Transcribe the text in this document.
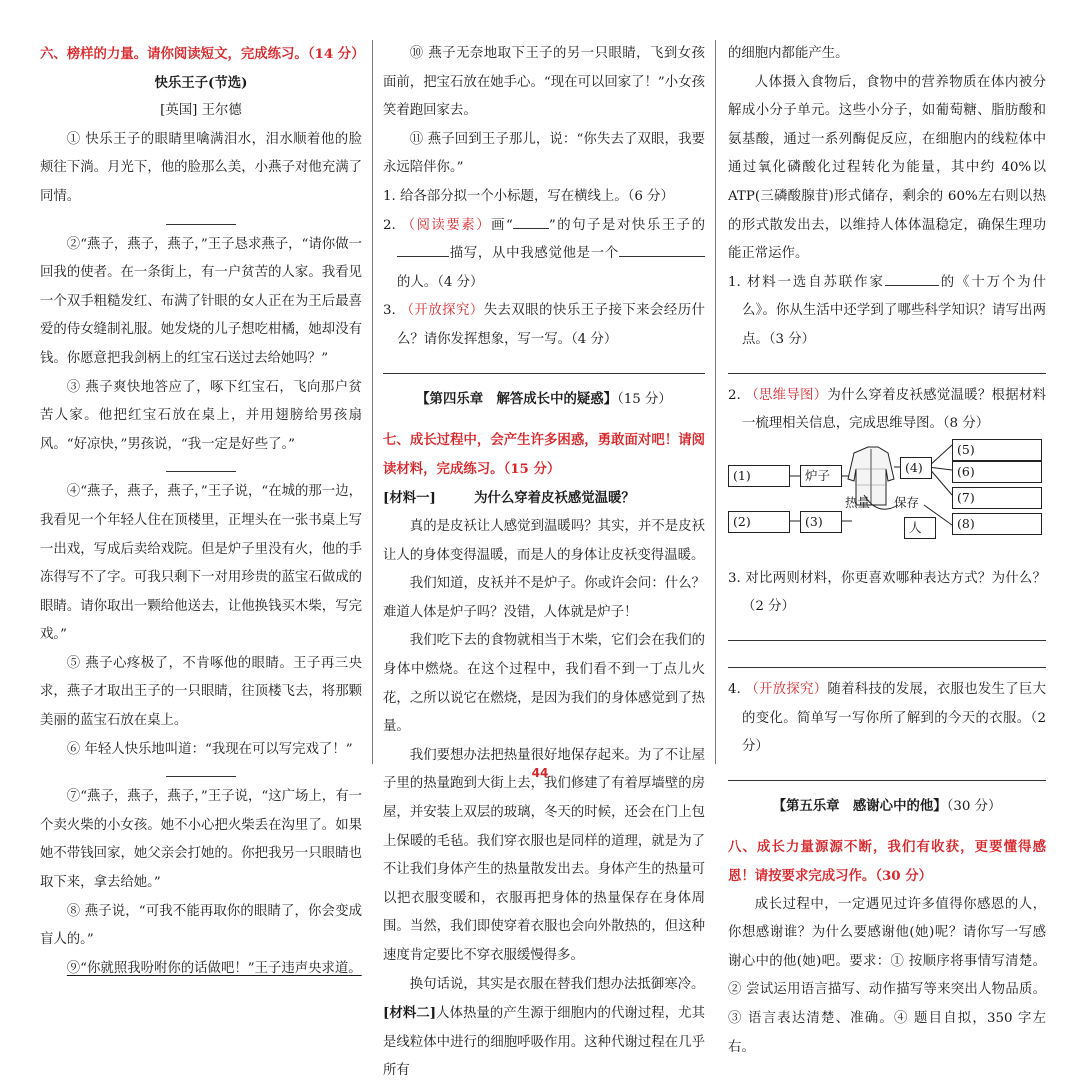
六、榜样的力量。请你阅读短文，完成练习。（14 分）

快乐王子(节选)

[英国] 王尔德

① 快乐王子的眼睛里噙满泪水，泪水顺着他的脸颊往下淌。月光下，他的脸那么美，小燕子对他充满了同情。

②“燕子，燕子，燕子，”王子恳求燕子，“请你做一回我的使者。在一条街上，有一户贫苦的人家。我看见一个双手粗糙发红、布满了针眼的女人正在为王后最喜爱的侍女缝制礼服。她发烧的儿子想吃柑橘，她却没有钱。你愿意把我剑柄上的红宝石送过去给她吗？”

③ 燕子爽快地答应了，啄下红宝石，飞向那户贫苦人家。他把红宝石放在桌上，并用翅膀给男孩扇风。“好凉快，”男孩说，“我一定是好些了。”

④“燕子，燕子，燕子，”王子说，“在城的那一边，我看见一个年轻人住在顶楼里，正埋头在一张书桌上写一出戏，写成后卖给戏院。但是炉子里没有火，他的手冻得写不了字。可我只剩下一对用珍贵的蓝宝石做成的眼睛。请你取出一颗给他送去，让他换钱买木柴，写完戏。”

⑤ 燕子心疼极了，不肯啄他的眼睛。王子再三央求，燕子才取出王子的一只眼睛，往顶楼飞去，将那颗美丽的蓝宝石放在桌上。

⑥ 年轻人快乐地叫道：“我现在可以写完戏了！”

⑦“燕子，燕子，燕子，”王子说，“这广场上，有一个卖火柴的小女孩。她不小心把火柴丢在沟里了。如果她不带钱回家，她父亲会打她的。你把我另一只眼睛也取下来，拿去给她。”

⑧ 燕子说，“可我不能再取你的眼睛了，你会变成盲人的。”

⑨“你就照我吩咐你的话做吧！”王子违声央求道。

⑩ 燕子无奈地取下王子的另一只眼睛，飞到女孩面前，把宝石放在她手心。“现在可以回家了！”小女孩笑着跑回家去。

⑪ 燕子回到王子那儿，说：“你失去了双眼，我要永远陪伴你。”

1. 给各部分拟一个小标题，写在横线上。（6 分）

2. （阅读要素）画“	”的句子是对快乐王子的描写，从中我感觉他是一个的人。（4 分）

3. （开放探究）失去双眼的快乐王子接下来会经历什么？请你发挥想象，写一写。（4 分）

【第四乐章　解答成长中的疑惑】（15 分）

七、成长过程中，会产生许多困惑，勇敢面对吧！请阅读材料，完成练习。（15 分）

[材料一]	为什么穿着皮袄感觉温暖？

真的是皮袄让人感觉到温暖吗？其实，并不是皮袄让人的身体变得温暖，而是人的身体让皮袄变得温暖。

我们知道，皮袄并不是炉子。你或许会问：什么？难道人体是炉子吗？没错，人体就是炉子！

我们吃下去的食物就相当于木柴，它们会在我们的身体中燃烧。在这个过程中，我们看不到一丁点儿火花，之所以说它在燃烧，是因为我们的身体感觉到了热量。

我们要想办法把热量很好地保存起来。为了不让屋子里的热量跑到大街上去，我们修建了有着厚墙壁的房屋，并安装上双层的玻璃，冬天的时候，还会在门上包上保暖的毛毡。我们穿衣服也是同样的道理，就是为了不让我们身体产生的热量散发出去。身体产生的热量可以把衣服变暖和，衣服再把身体的热量保存在身体周围。当然，我们即使穿着衣服也会向外散热的，但这种速度肯定要比不穿衣服缓慢得多。

换句话说，其实是衣服在替我们想办法抵御寒冷。

[材料二]人体热量的产生源于细胞内的代谢过程，尤其是线粒体中进行的细胞呼吸作用。这种代谢过程在几乎所有

的细胞内都能产生。

人体摄入食物后，食物中的营养物质在体内被分解成小分子单元。这些小分子，如葡萄糖、脂肪酸和氨基酸，通过一系列酶促反应，在细胞内的线粒体中通过氧化磷酸化过程转化为能量，其中约 40%以 ATP(三磷酸腺苷)形式储存，剩余的 60%左右则以热的形式散发出去，以维持人体体温稳定，确保生理功能正常运作。

1. 材料一选自苏联作家	的《十万个为什么》。你从生活中还学到了哪些科学知识？请写出两点。（3 分）

2. （思维导图）为什么穿着皮袄感觉温暖？根据材料一梳理相关信息，完成思维导图。（8 分）

(1)	炉子
(2)	(3)
(4)
热量 保存
人
(5)
(6)
(7)
(8)

3. 对比两则材料，你更喜欢哪种表达方式？为什么？（2 分）

4. （开放探究）随着科技的发展，衣服也发生了巨大的变化。简单写一写你所了解到的今天的衣服。（2 分）

【第五乐章　感谢心中的他】（30 分）

八、成长力量源源不断，我们有收获，更要懂得感恩！请按要求完成习作。（30 分）

成长过程中，一定遇见过许多值得你感恩的人，你想感谢谁？为什么要感谢他(她)呢？请你写一写感谢心中的他(她)吧。要求：① 按顺序将事情写清楚。② 尝试运用语言描写、动作描写等来突出人物品质。③ 语言表达清楚、准确。④ 题目自拟，350 字左右。

44
